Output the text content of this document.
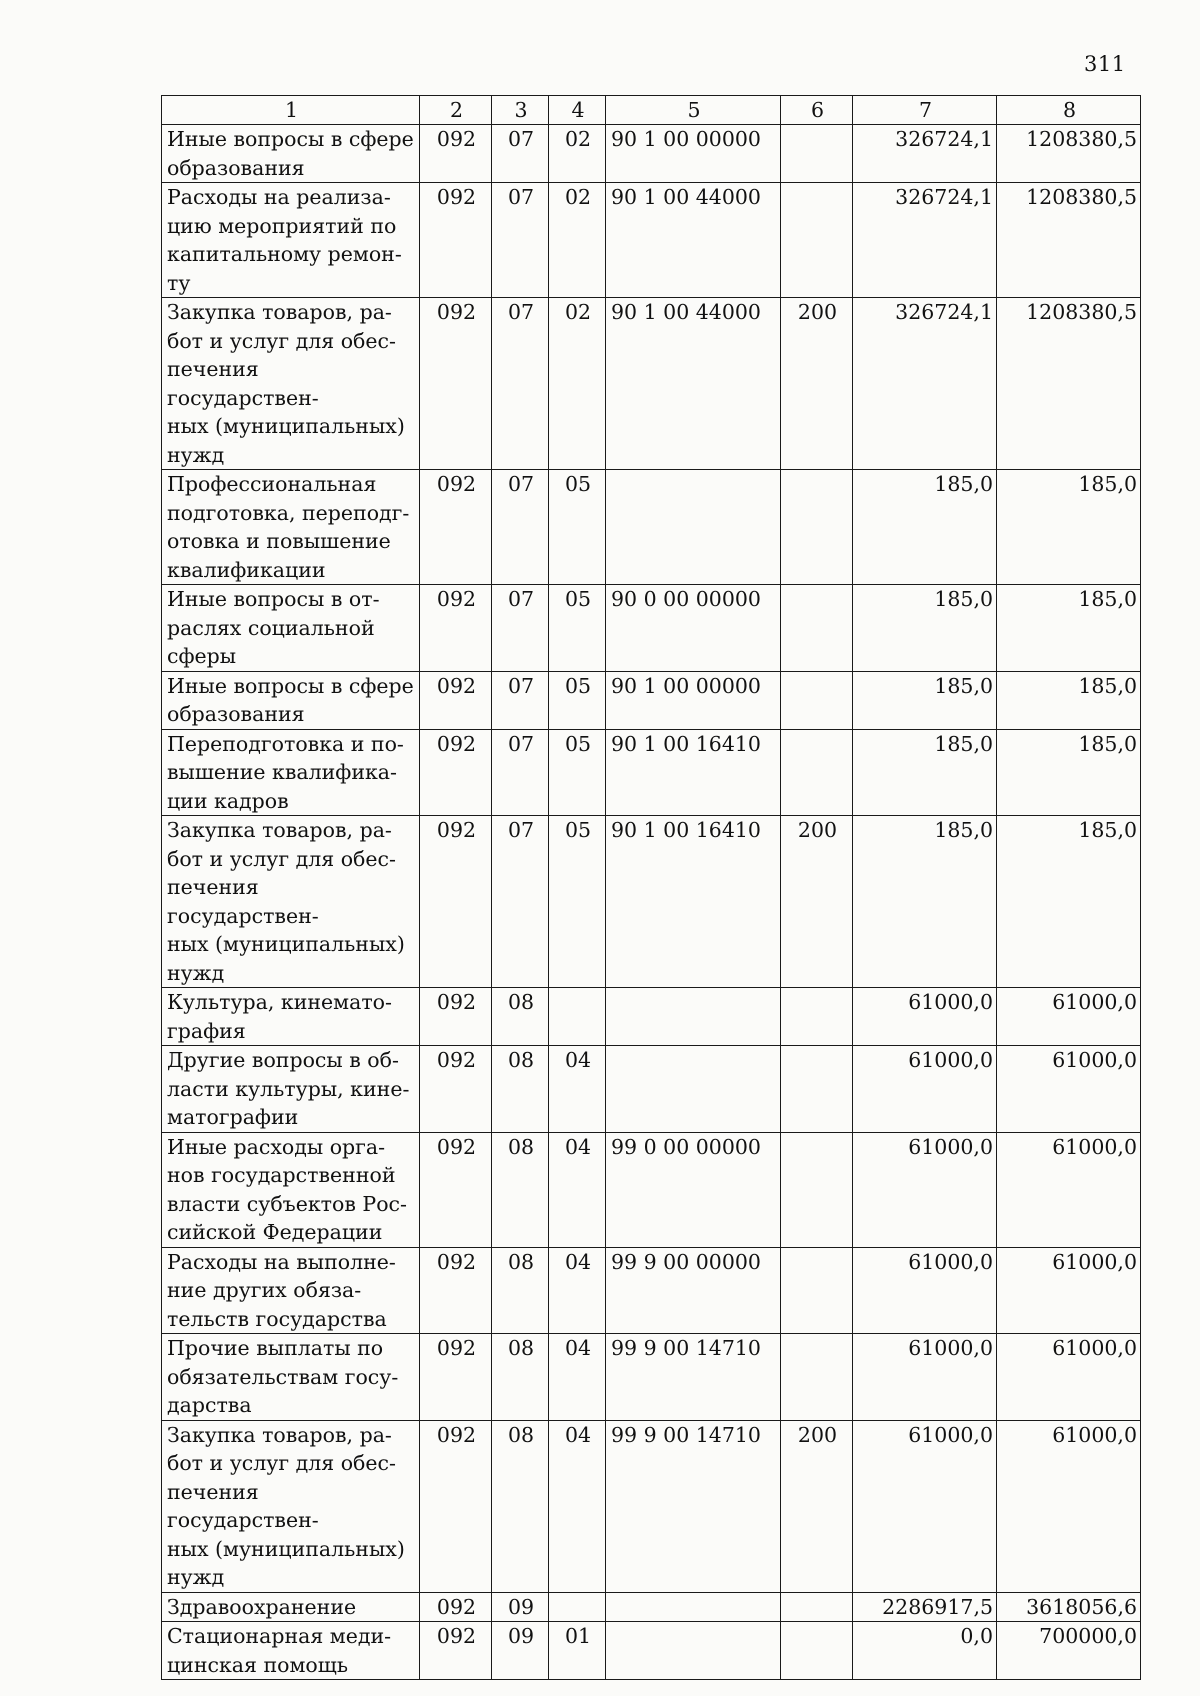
311
1	2	3	4	5	6	7	8
Иные вопросы в сфере
образования	092	07	02	90 1 00 00000		326724,1	1208380,5
Расходы на реализа-
цию мероприятий по
капитальному ремон-
ту	092	07	02	90 1 00 44000		326724,1	1208380,5
Закупка товаров, ра-
бот и услуг для обес-
печения государствен-
ных (муниципальных)
нужд	092	07	02	90 1 00 44000	200	326724,1	1208380,5
Профессиональная
подготовка, переподг-
отовка и повышение
квалификации	092	07	05			185,0	185,0
Иные вопросы в от-
раслях социальной
сферы	092	07	05	90 0 00 00000		185,0	185,0
Иные вопросы в сфере
образования	092	07	05	90 1 00 00000		185,0	185,0
Переподготовка и по-
вышение квалифика-
ции кадров	092	07	05	90 1 00 16410		185,0	185,0
Закупка товаров, ра-
бот и услуг для обес-
печения государствен-
ных (муниципальных)
нужд	092	07	05	90 1 00 16410	200	185,0	185,0
Культура, кинемато-
графия	092	08				61000,0	61000,0
Другие вопросы в об-
ласти культуры, кине-
матографии	092	08	04			61000,0	61000,0
Иные расходы орга-
нов государственной
власти субъектов Рос-
сийской Федерации	092	08	04	99 0 00 00000		61000,0	61000,0
Расходы на выполне-
ние других обяза-
тельств государства	092	08	04	99 9 00 00000		61000,0	61000,0
Прочие выплаты по
обязательствам госу-
дарства	092	08	04	99 9 00 14710		61000,0	61000,0
Закупка товаров, ра-
бот и услуг для обес-
печения государствен-
ных (муниципальных)
нужд	092	08	04	99 9 00 14710	200	61000,0	61000,0
Здравоохранение	092	09				2286917,5	3618056,6
Стационарная меди-
цинская помощь	092	09	01			0,0	700000,0
